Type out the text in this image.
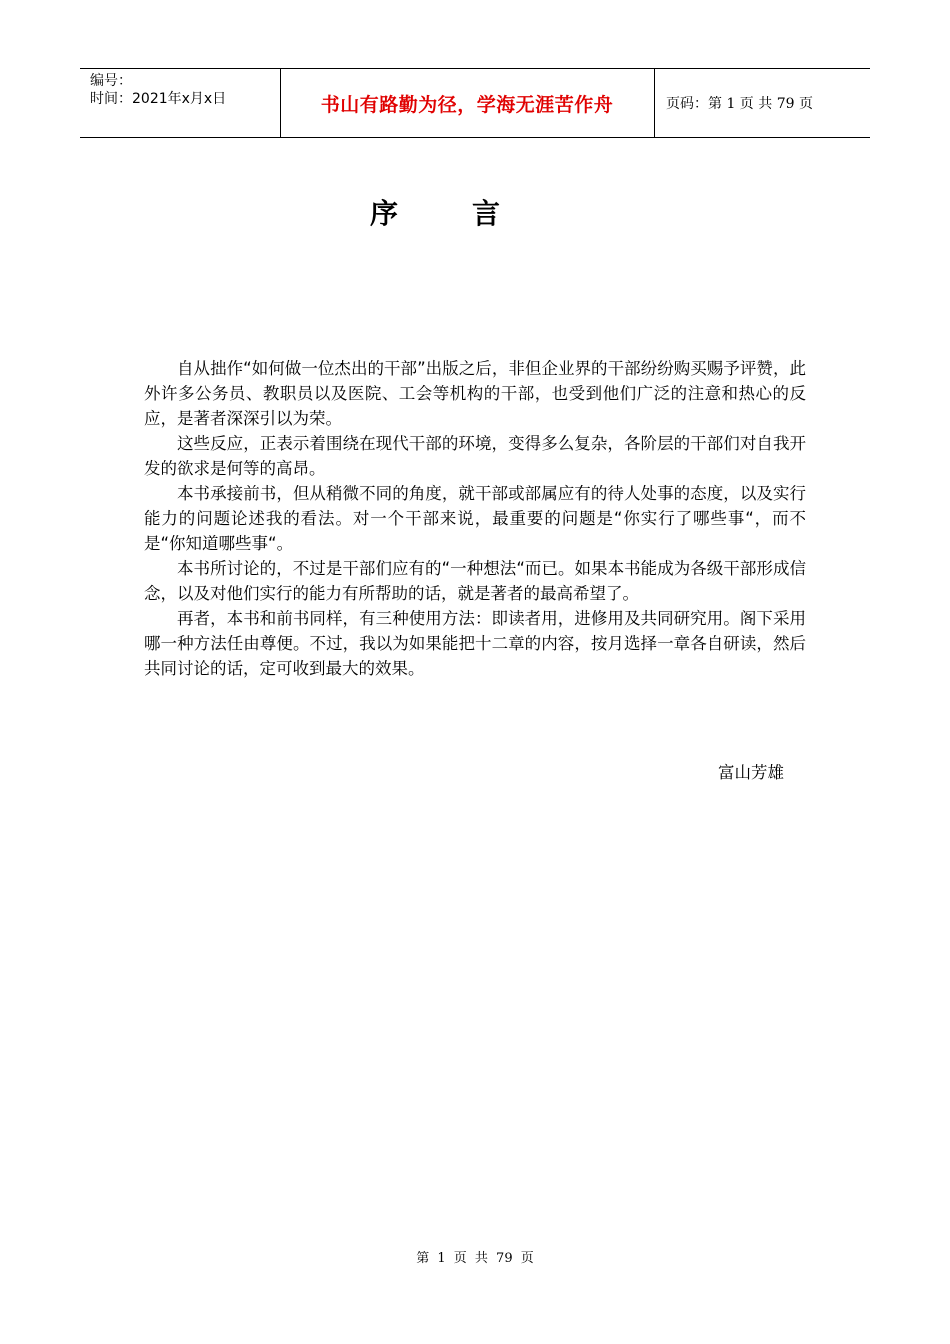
编号：
时间：2021年x月x日	书山有路勤为径，学海无涯苦作舟	页码：第 1 页 共 79 页
序言

自从拙作“如何做一位杰出的干部”出版之后，非但企业界的干部纷纷购买赐予评赞，此外许多公务员、教职员以及医院、工会等机构的干部，也受到他们广泛的注意和热心的反应，是著者深深引以为荣。

这些反应，正表示着围绕在现代干部的环境，变得多么复杂，各阶层的干部们对自我开发的欲求是何等的高昂。

本书承接前书，但从稍微不同的角度，就干部或部属应有的待人处事的态度，以及实行能力的问题论述我的看法。对一个干部来说，最重要的问题是“你实行了哪些事“，而不是“你知道哪些事“。

本书所讨论的，不过是干部们应有的“一种想法“而已。如果本书能成为各级干部形成信念，以及对他们实行的能力有所帮助的话，就是著者的最高希望了。

再者，本书和前书同样，有三种使用方法：即读者用，进修用及共同研究用。阁下采用哪一种方法任由尊便。不过，我以为如果能把十二章的内容，按月选择一章各自研读，然后共同讨论的话，定可收到最大的效果。

富山芳雄
第 1 页 共 79 页
